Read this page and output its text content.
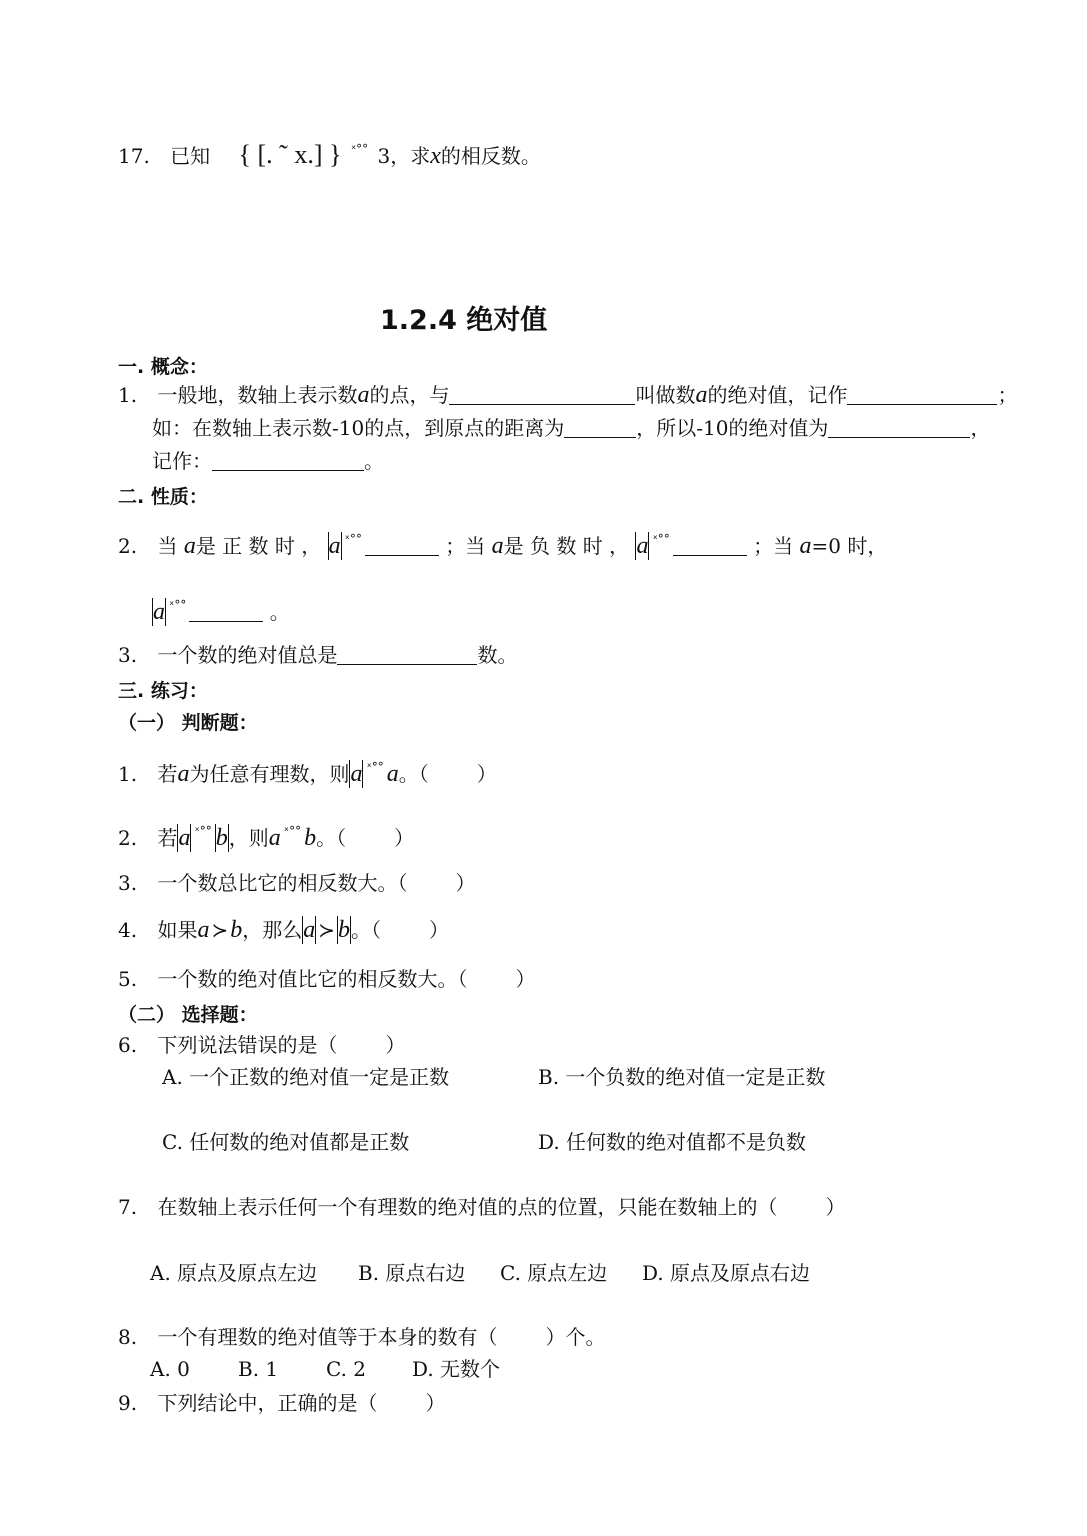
17. 已知 { [. ˜ x.] } $^{ˣ^\circ^\circ}$ 3，求x的相反数。
1.2.4 绝对值
一. 概念：
1. 一般地，数轴上表示数a的点，与	叫做数a的绝对值，记作	；
如：在数轴上表示数-10的点，到原点的距离为	，所以-10的绝对值为	，
记作：	。
二. 性质：
2. 当 a是 正 数 时 ， a $^{ˣ^\circ^\circ}$	；当 a是 负 数 时 ， a $^{ˣ^\circ^\circ}$	；当 a=0 时，
a $^{ˣ^\circ^\circ}$	。
3. 一个数的绝对值总是	数。
三. 练习：
（一） 判断题：
1. 若a为任意有理数，则a $^{ˣ^\circ^\circ}$ a。（ ）
2. 若a $^{ˣ^\circ^\circ}$ b，则a $^{ˣ^\circ^\circ}$ b。（ ）
3. 一个数总比它的相反数大。（ ）
4. 如果a ≻b，那么a ≻ b。（ ）
5. 一个数的绝对值比它的相反数大。（ ）
（二） 选择题：
6. 下列说法错误的是（ ）
A. 一个正数的绝对值一定是正数	B. 一个负数的绝对值一定是正数
C. 任何数的绝对值都是正数	D. 任何数的绝对值都不是负数
7. 在数轴上表示任何一个有理数的绝对值的点的位置，只能在数轴上的（ ）
A. 原点及原点左边 B. 原点右边 C. 原点左边 D. 原点及原点右边
8. 一个有理数的绝对值等于本身的数有（ ）个。
A. 0 B. 1 C. 2 D. 无数个
9. 下列结论中，正确的是（ ）
